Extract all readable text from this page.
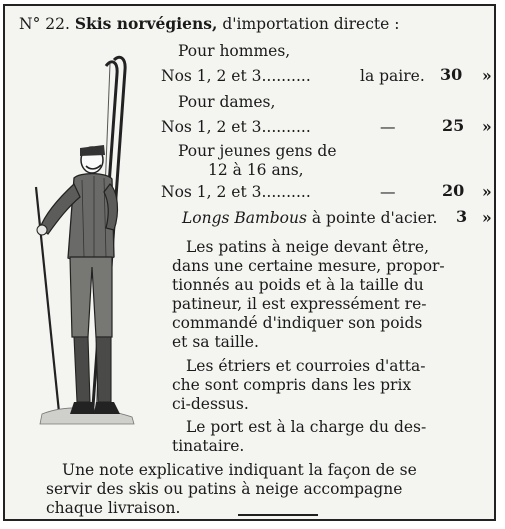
N° 22. Skis norvégiens, d'importation directe :
Pour hommes,
Nos 1, 2 et 3..........	la paire. 30 »
Pour dames,
Nos 1, 2 et 3..........	—	25 »
Pour jeunes gens de
12 à 16 ans,
Nos 1, 2 et 3..........	—	20 »
Longs Bambous à pointe d'acier. 3 »
Les patins à neige devant être,
dans une certaine mesure, propor-
tionnés au poids et à la taille du
patineur, il est expressément re-
commandé d'indiquer son poids
et sa taille.
Les étriers et courroies d'atta-
che sont compris dans les prix
ci-dessus.
Le port est à la charge du des-
tinataire.
Une note explicative indiquant la façon de se
servir des skis ou patins à neige accompagne
chaque livraison.
